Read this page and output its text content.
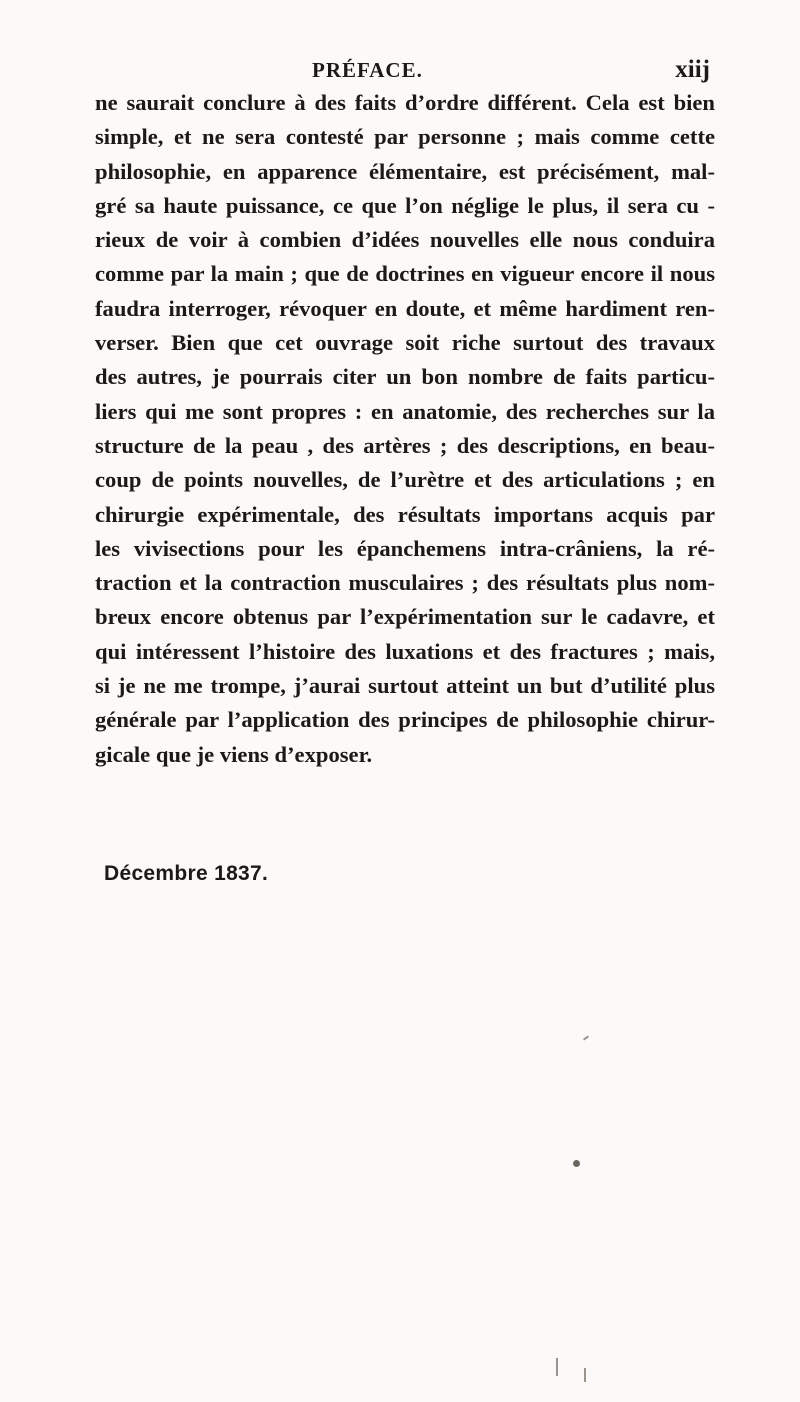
PRÉFACE.	xiij
ne saurait conclure à des faits d’ordre différent. Cela est bien
simple, et ne sera contesté par personne ; mais comme cette
philosophie, en apparence élémentaire, est précisément, mal-
gré sa haute puissance, ce que l’on néglige le plus, il sera cu -
rieux de voir à combien d’idées nouvelles elle nous conduira
comme par la main ; que de doctrines en vigueur encore il nous
faudra interroger, révoquer en doute, et même hardiment ren-
verser. Bien que cet ouvrage soit riche surtout des travaux
des autres, je pourrais citer un bon nombre de faits particu-
liers qui me sont propres : en anatomie, des recherches sur la
structure de la peau , des artères ; des descriptions, en beau-
coup de points nouvelles, de l’urètre et des articulations ; en
chirurgie expérimentale, des résultats importans acquis par
les vivisections pour les épanchemens intra-crâniens, la ré-
traction et la contraction musculaires ; des résultats plus nom-
breux encore obtenus par l’expérimentation sur le cadavre, et
qui intéressent l’histoire des luxations et des fractures ; mais,
si je ne me trompe, j’aurai surtout atteint un but d’utilité plus
générale par l’application des principes de philosophie chirur-
gicale que je viens d’exposer.
Décembre 1837.
